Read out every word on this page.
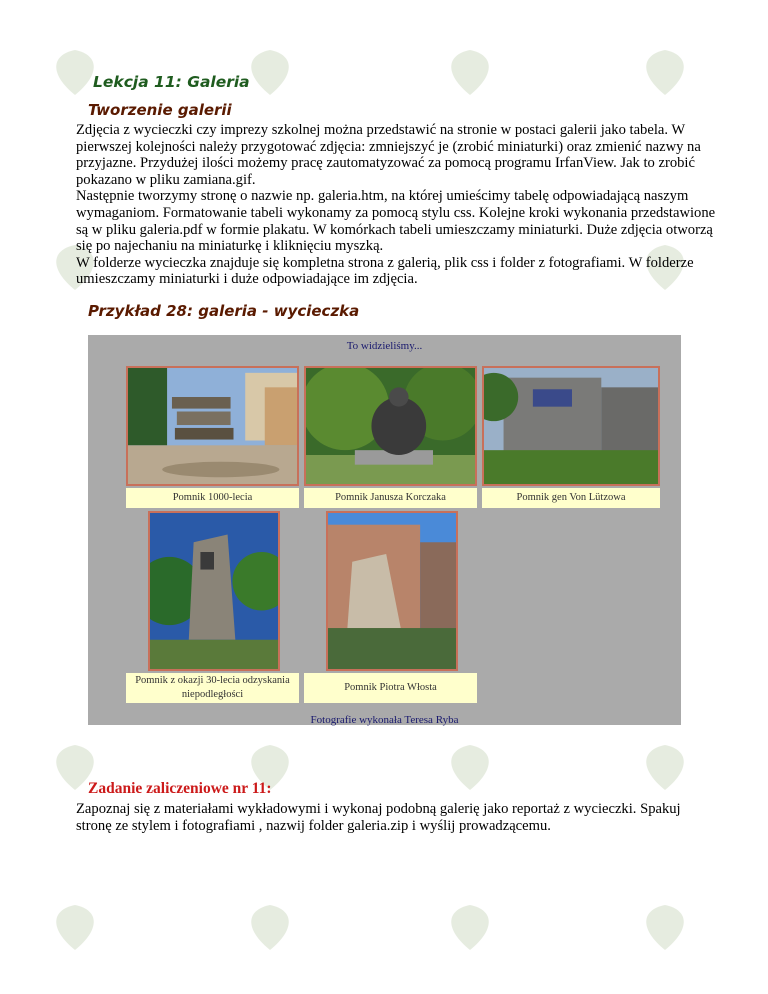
Lekcja 11: Galeria
Tworzenie galerii

Zdjęcia z wycieczki czy imprezy szkolnej można przedstawić na stronie w postaci galerii jako tabela. W pierwszej kolejności należy przygotować zdjęcia: zmniejszyć je (zrobić miniaturki) oraz zmienić nazwy na przyjazne. Przydużej ilości możemy pracę zautomatyzować za pomocą programu IrfanView. Jak to zrobić pokazano w pliku zamiana.gif.

Następnie tworzymy stronę o nazwie np. galeria.htm, na której umieścimy tabelę odpowiadającą naszym wymaganiom. Formatowanie tabeli wykonamy za pomocą stylu css. Kolejne kroki wykonania przedstawione są w pliku galeria.pdf w formie plakatu. W komórkach tabeli umieszczamy miniaturki. Duże zdjęcia otworzą się po najechaniu na miniaturkę i kliknięciu myszką.

W folderze wycieczka znajduje się kompletna strona z galerią, plik css i folder z fotografiami. W folderze umieszczamy miniaturki i duże odpowiadające im zdjęcia.

Przykład 28: galeria - wycieczka
To widzieliśmy...
Pomnik 1000-lecia	Pomnik Janusza Korczaka	Pomnik gen Von Lützowa
Pomnik z okazji 30-lecia odzyskania niepodległości
Pomnik Piotra Włosta
Fotografie wykonała Teresa Ryba
Zadanie zaliczeniowe nr 11:

Zapoznaj się z materiałami wykładowymi i wykonaj podobną galerię jako reportaż z wycieczki. Spakuj stronę ze stylem i fotografiami , nazwij folder galeria.zip i wyślij prowadzącemu.
